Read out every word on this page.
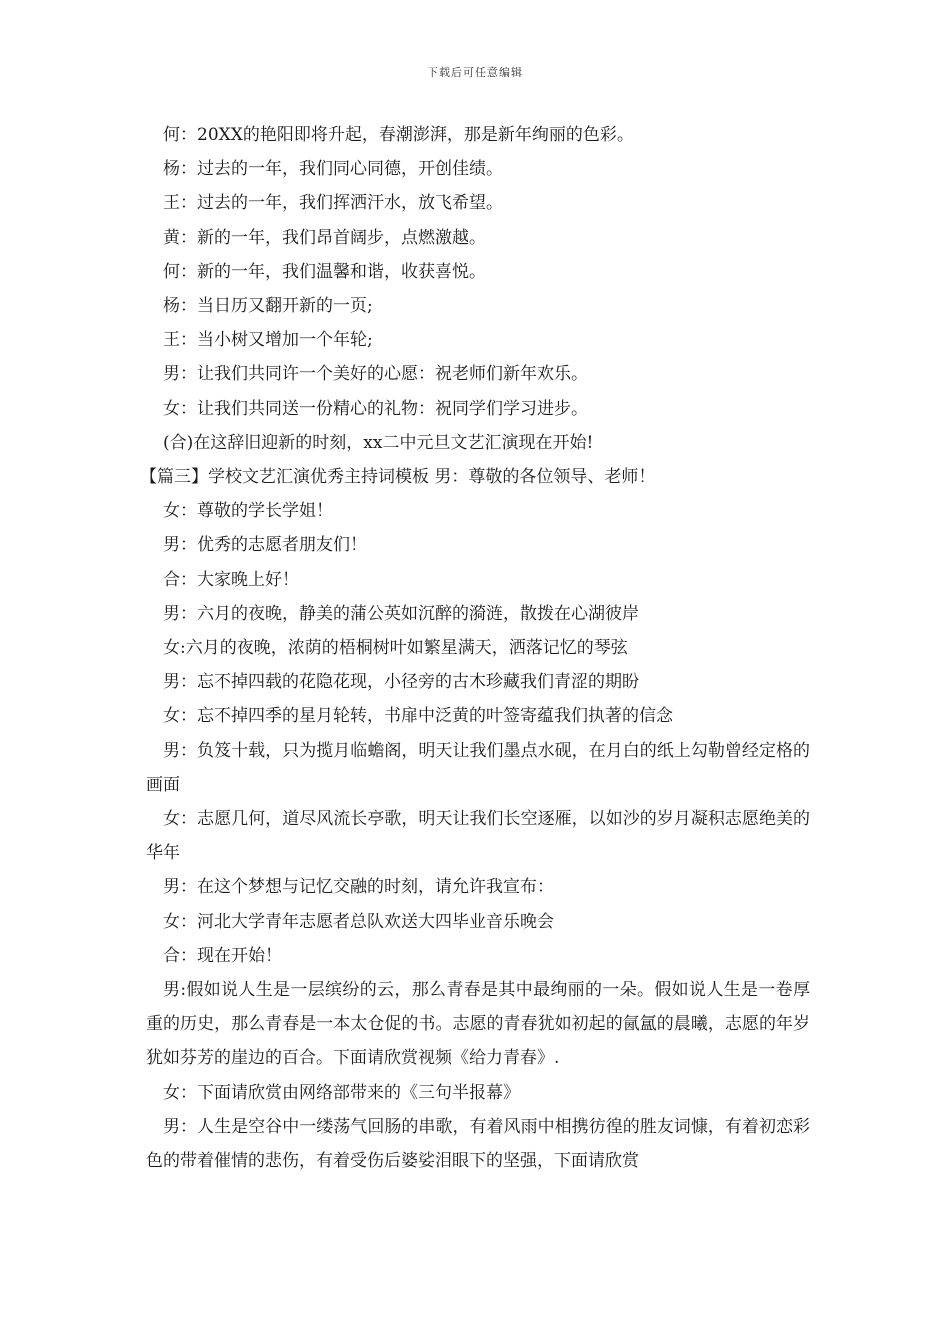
下载后可任意编辑

何：20XX的艳阳即将升起，春潮澎湃，那是新年绚丽的色彩。

杨：过去的一年，我们同心同德，开创佳绩。

王：过去的一年，我们挥洒汗水，放飞希望。

黄：新的一年，我们昂首阔步，点燃激越。

何：新的一年，我们温馨和谐，收获喜悦。

杨：当日历又翻开新的一页;

王：当小树又增加一个年轮;

男：让我们共同许一个美好的心愿：祝老师们新年欢乐。

女：让我们共同送一份精心的礼物：祝同学们学习进步。

(合)在这辞旧迎新的时刻，xx二中元旦文艺汇演现在开始!

【篇三】学校文艺汇演优秀主持词模板 男：尊敬的各位领导、老师！

女：尊敬的学长学姐！

男：优秀的志愿者朋友们！

合：大家晚上好！

男：六月的夜晚，静美的蒲公英如沉醉的漪涟，散拨在心湖彼岸

女:六月的夜晚，浓荫的梧桐树叶如繁星满天，洒落记忆的琴弦

男：忘不掉四载的花隐花现，小径旁的古木珍藏我们青涩的期盼

女：忘不掉四季的星月轮转，书扉中泛黄的叶签寄蕴我们执著的信念

男：负笈十载，只为揽月临蟾阁，明天让我们墨点水砚，在月白的纸上勾勒曾经定格的画面

女：志愿几何，道尽风流长亭歌，明天让我们长空逐雁，以如沙的岁月凝积志愿绝美的华年

男：在这个梦想与记忆交融的时刻，请允许我宣布：

女：河北大学青年志愿者总队欢送大四毕业音乐晚会

合：现在开始！

男:假如说人生是一层缤纷的云，那么青春是其中最绚丽的一朵。假如说人生是一卷厚重的历史，那么青春是一本太仓促的书。志愿的青春犹如初起的氤氲的晨曦，志愿的年岁犹如芬芳的崖边的百合。下面请欣赏视频《给力青春》.

女：下面请欣赏由网络部带来的《三句半报幕》

男：人生是空谷中一缕荡气回肠的串歌，有着风雨中相携彷徨的胜友词慷，有着初恋彩色的带着催情的悲伤，有着受伤后婆娑泪眼下的坚强，下面请欣赏
